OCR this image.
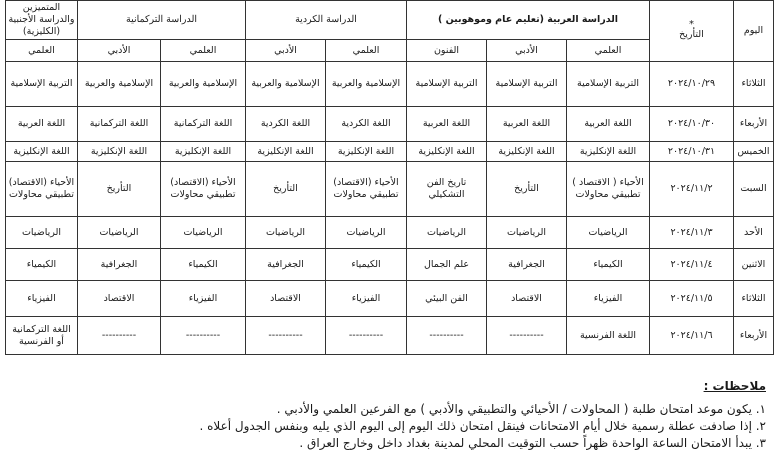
اليوم	*
التأريخ	الدراسة العربية (تعليم عام وموهوبين )			الدراسة الكردية		الدراسة التركمانية		المتميزين والدراسة الأجنبية (الكليزية)
		العلمي	الأدبي	الفنون	العلمي	الأدبي	العلمي	الأدبي	العلمي
الثلاثاء	٢٠٢٤/١٠/٢٩	التربية الإسلامية	التربية الإسلامية	التربية الإسلامية	الإسلامية والعربية	الإسلامية والعربية	الإسلامية والعربية	الإسلامية والعربية	التربية الإسلامية
الأربعاء	٢٠٢٤/١٠/٣٠	اللغة العربية	اللغة العربية	اللغة العربية	اللغة الكردية	اللغة الكردية	اللغة التركمانية	اللغة التركمانية	اللغة العربية
الخميس	٢٠٢٤/١٠/٣١	اللغة الإنكليزية	اللغة الإنكليزية	اللغة الإنكليزية	اللغة الإنكليزية	اللغة الإنكليزية	اللغة الإنكليزية	اللغة الإنكليزية	اللغة الإنكليزية
السبت	٢٠٢٤/١١/٢	الأحياء ( الاقتصاد ) تطبيقي محاولات	التأريخ	تاريخ الفن التشكيلي	الأحياء (الاقتصاد) تطبيقي محاولات	التأريخ	الأحياء (الاقتصاد) تطبيقي محاولات	التأريخ	الأحياء (الاقتصاد) تطبيقي محاولات
الأحد	٢٠٢٤/١١/٣	الرياضيات	الرياضيات	الرياضيات	الرياضيات	الرياضيات	الرياضيات	الرياضيات	الرياضيات
الاثنين	٢٠٢٤/١١/٤	الكيمياء	الجغرافية	علم الجمال	الكيمياء	الجغرافية	الكيمياء	الجغرافية	الكيمياء
الثلاثاء	٢٠٢٤/١١/٥	الفيزياء	الاقتصاد	الفن البيئي	الفيزياء	الاقتصاد	الفيزياء	الاقتصاد	الفيزياء
الأربعاء	٢٠٢٤/١١/٦	اللغة الفرنسية	----------	----------	----------	----------	----------	----------	اللغة التركمانية أو الفرنسية
ملاحظات :
١. يكون موعد امتحان طلبة ( المحاولات / الأحيائي والتطبيقي والأدبي ) مع الفرعين العلمي والأدبي .
٢. إذا صادفت عطلة رسمية خلال أيام الامتحانات فينقل امتحان ذلك اليوم إلى اليوم الذي يليه وبنفس الجدول أعلاه .
٣. يبدأ الامتحان الساعة الواحدة ظهراً حسب التوقيت المحلي لمدينة بغداد داخل وخارج العراق .
